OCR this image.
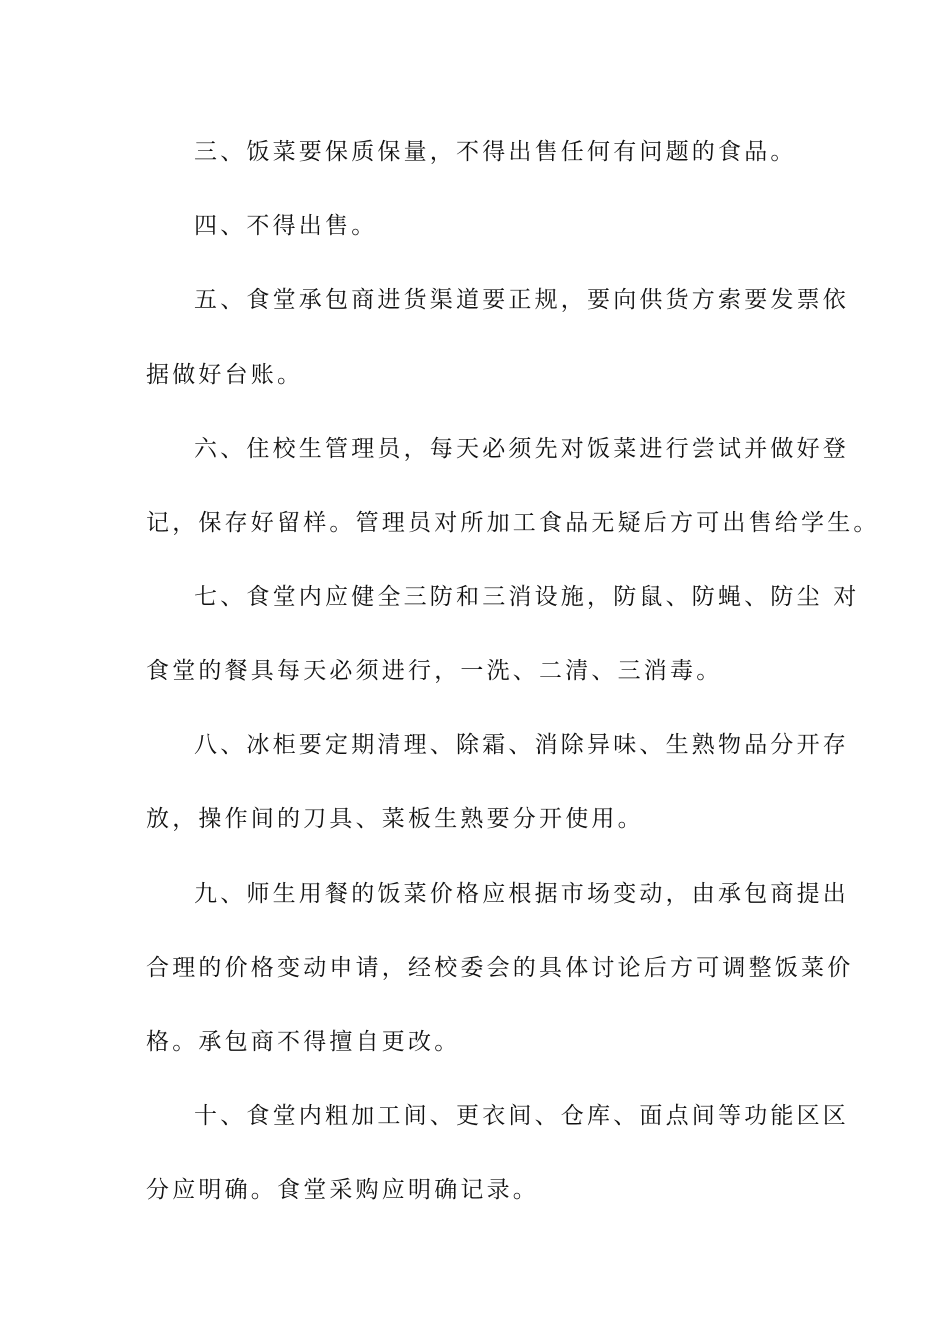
三、饭菜要保质保量，不得出售任何有问题的食品。
四、不得出售。
五、食堂承包商进货渠道要正规，要向供货方索要发票依
据做好台账。
六、住校生管理员，每天必须先对饭菜进行尝试并做好登
记，保存好留样。管理员对所加工食品无疑后方可出售给学生。
七、食堂内应健全三防和三消设施，防鼠、防蝇、防尘 对
食堂的餐具每天必须进行，一洗、二清、三消毒。
八、冰柜要定期清理、除霜、消除异味、生熟物品分开存
放，操作间的刀具、菜板生熟要分开使用。
九、师生用餐的饭菜价格应根据市场变动，由承包商提出
合理的价格变动申请，经校委会的具体讨论后方可调整饭菜价
格。承包商不得擅自更改。
十、食堂内粗加工间、更衣间、仓库、面点间等功能区区
分应明确。食堂采购应明确记录。
